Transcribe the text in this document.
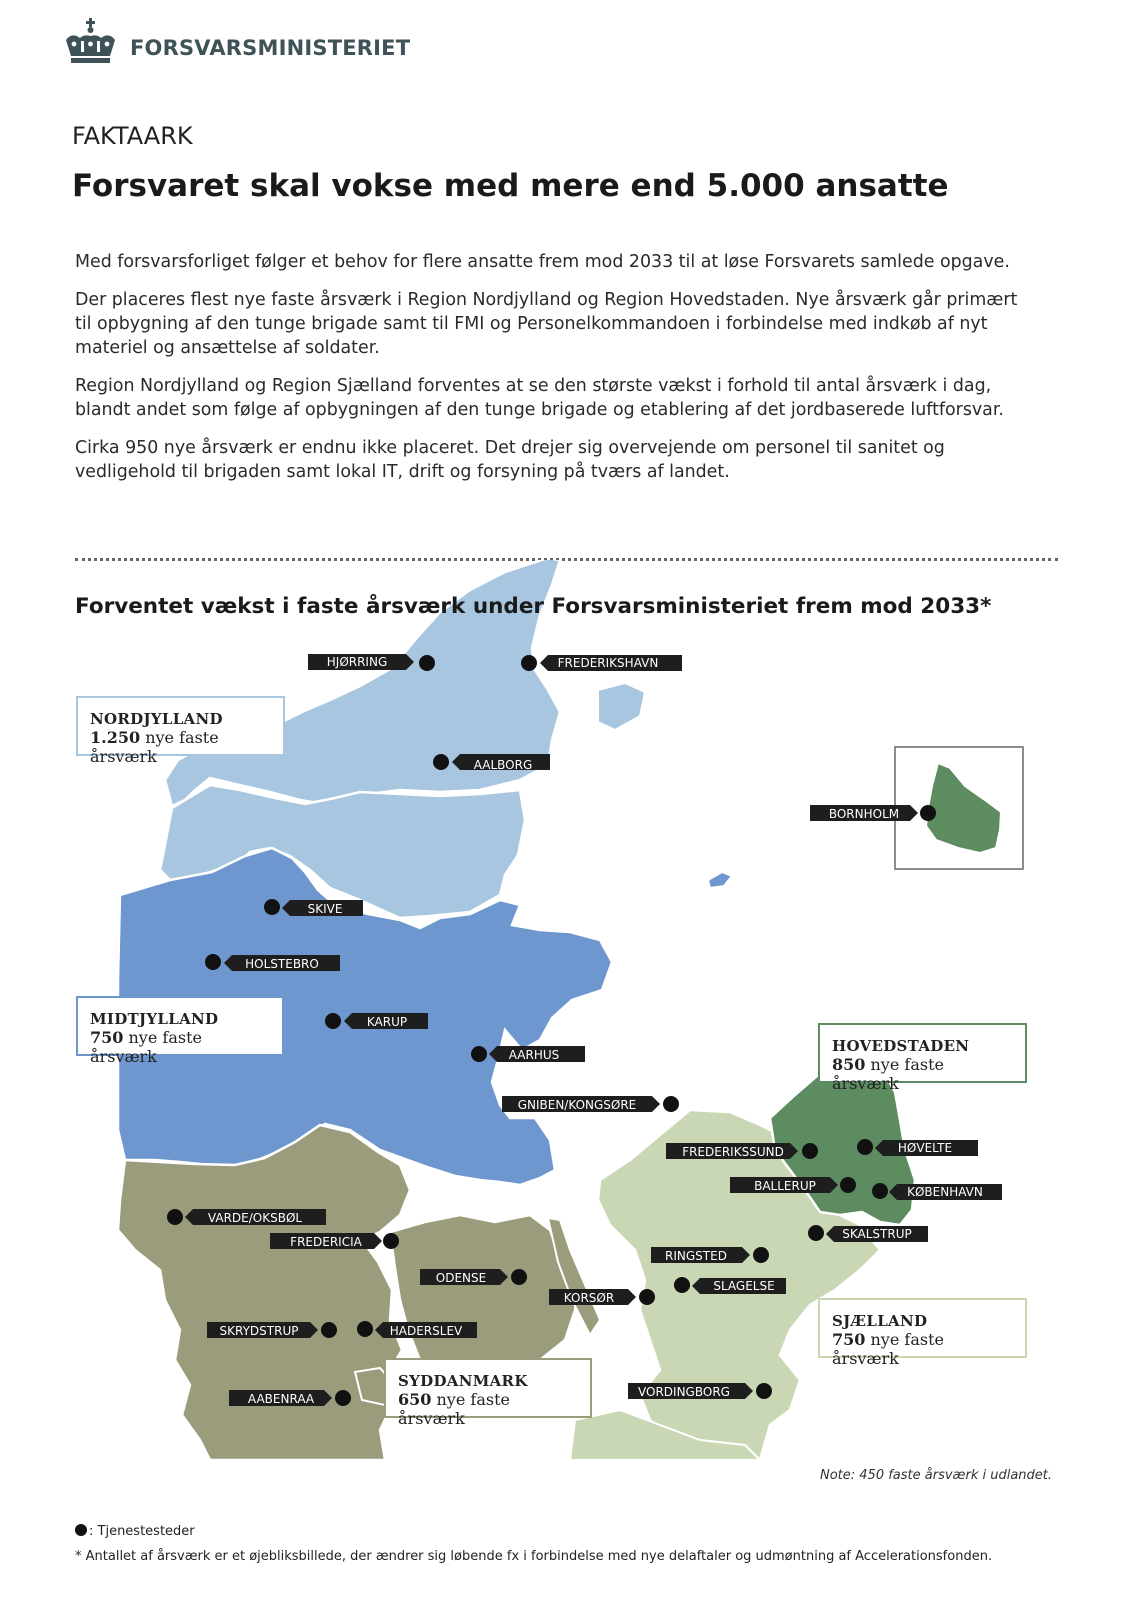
FORSVARSMINISTERIET
FAKTAARK
Forsvaret skal vokse med mere end 5.000 ansatte

Med forsvarsforliget følger et behov for flere ansatte frem mod 2033 til at løse Forsvarets samlede opgave.

Der placeres flest nye faste årsværk i Region Nordjylland og Region Hovedstaden. Nye årsværk går primært til opbygning af den tunge brigade samt til FMI og Personelkommandoen i forbindelse med indkøb af nyt materiel og ansættelse af soldater.

Region Nordjylland og Region Sjælland forventes at se den største vækst i forhold til antal årsværk i dag, blandt andet som følge af opbygningen af den tunge brigade og etablering af det jordbaserede luftforsvar.

Cirka 950 nye årsværk er endnu ikke placeret. Det drejer sig overvejende om personel til sanitet og vedligehold til brigaden samt lokal IT, drift og forsyning på tværs af landet.

HJØRRING	FREDERIKSHAVN
AALBORG
BORNHOLM
SKIVE
HOLSTEBRO
KARUP
AARHUS
GNIBEN/KONGSØRE
FREDERIKSSUND	HØVELTE
BALLERUP	KØBENHAVN
SKALSTRUP
VARDE/OKSBØL
FREDERICIA
RINGSTED
ODENSE
SLAGELSE
KORSØR
SKRYDSTRUP	HADERSLEV
VORDINGBORG
AABENRAA
Forventet vækst i faste årsværk under Forsvarsministeriet frem mod 2033*
NORDJYLLAND
1.250 nye faste årsværk
MIDTJYLLAND
750 nye faste årsværk
HOVEDSTADEN
850 nye faste årsværk
SJÆLLAND
750 nye faste årsværk
SYDDANMARK
650 nye faste årsværk
Note: 450 faste årsværk i udlandet.
: Tjenestesteder
* Antallet af årsværk er et øjebliksbillede, der ændrer sig løbende fx i forbindelse med nye delaftaler og udmøntning af Accelerationsfonden.
